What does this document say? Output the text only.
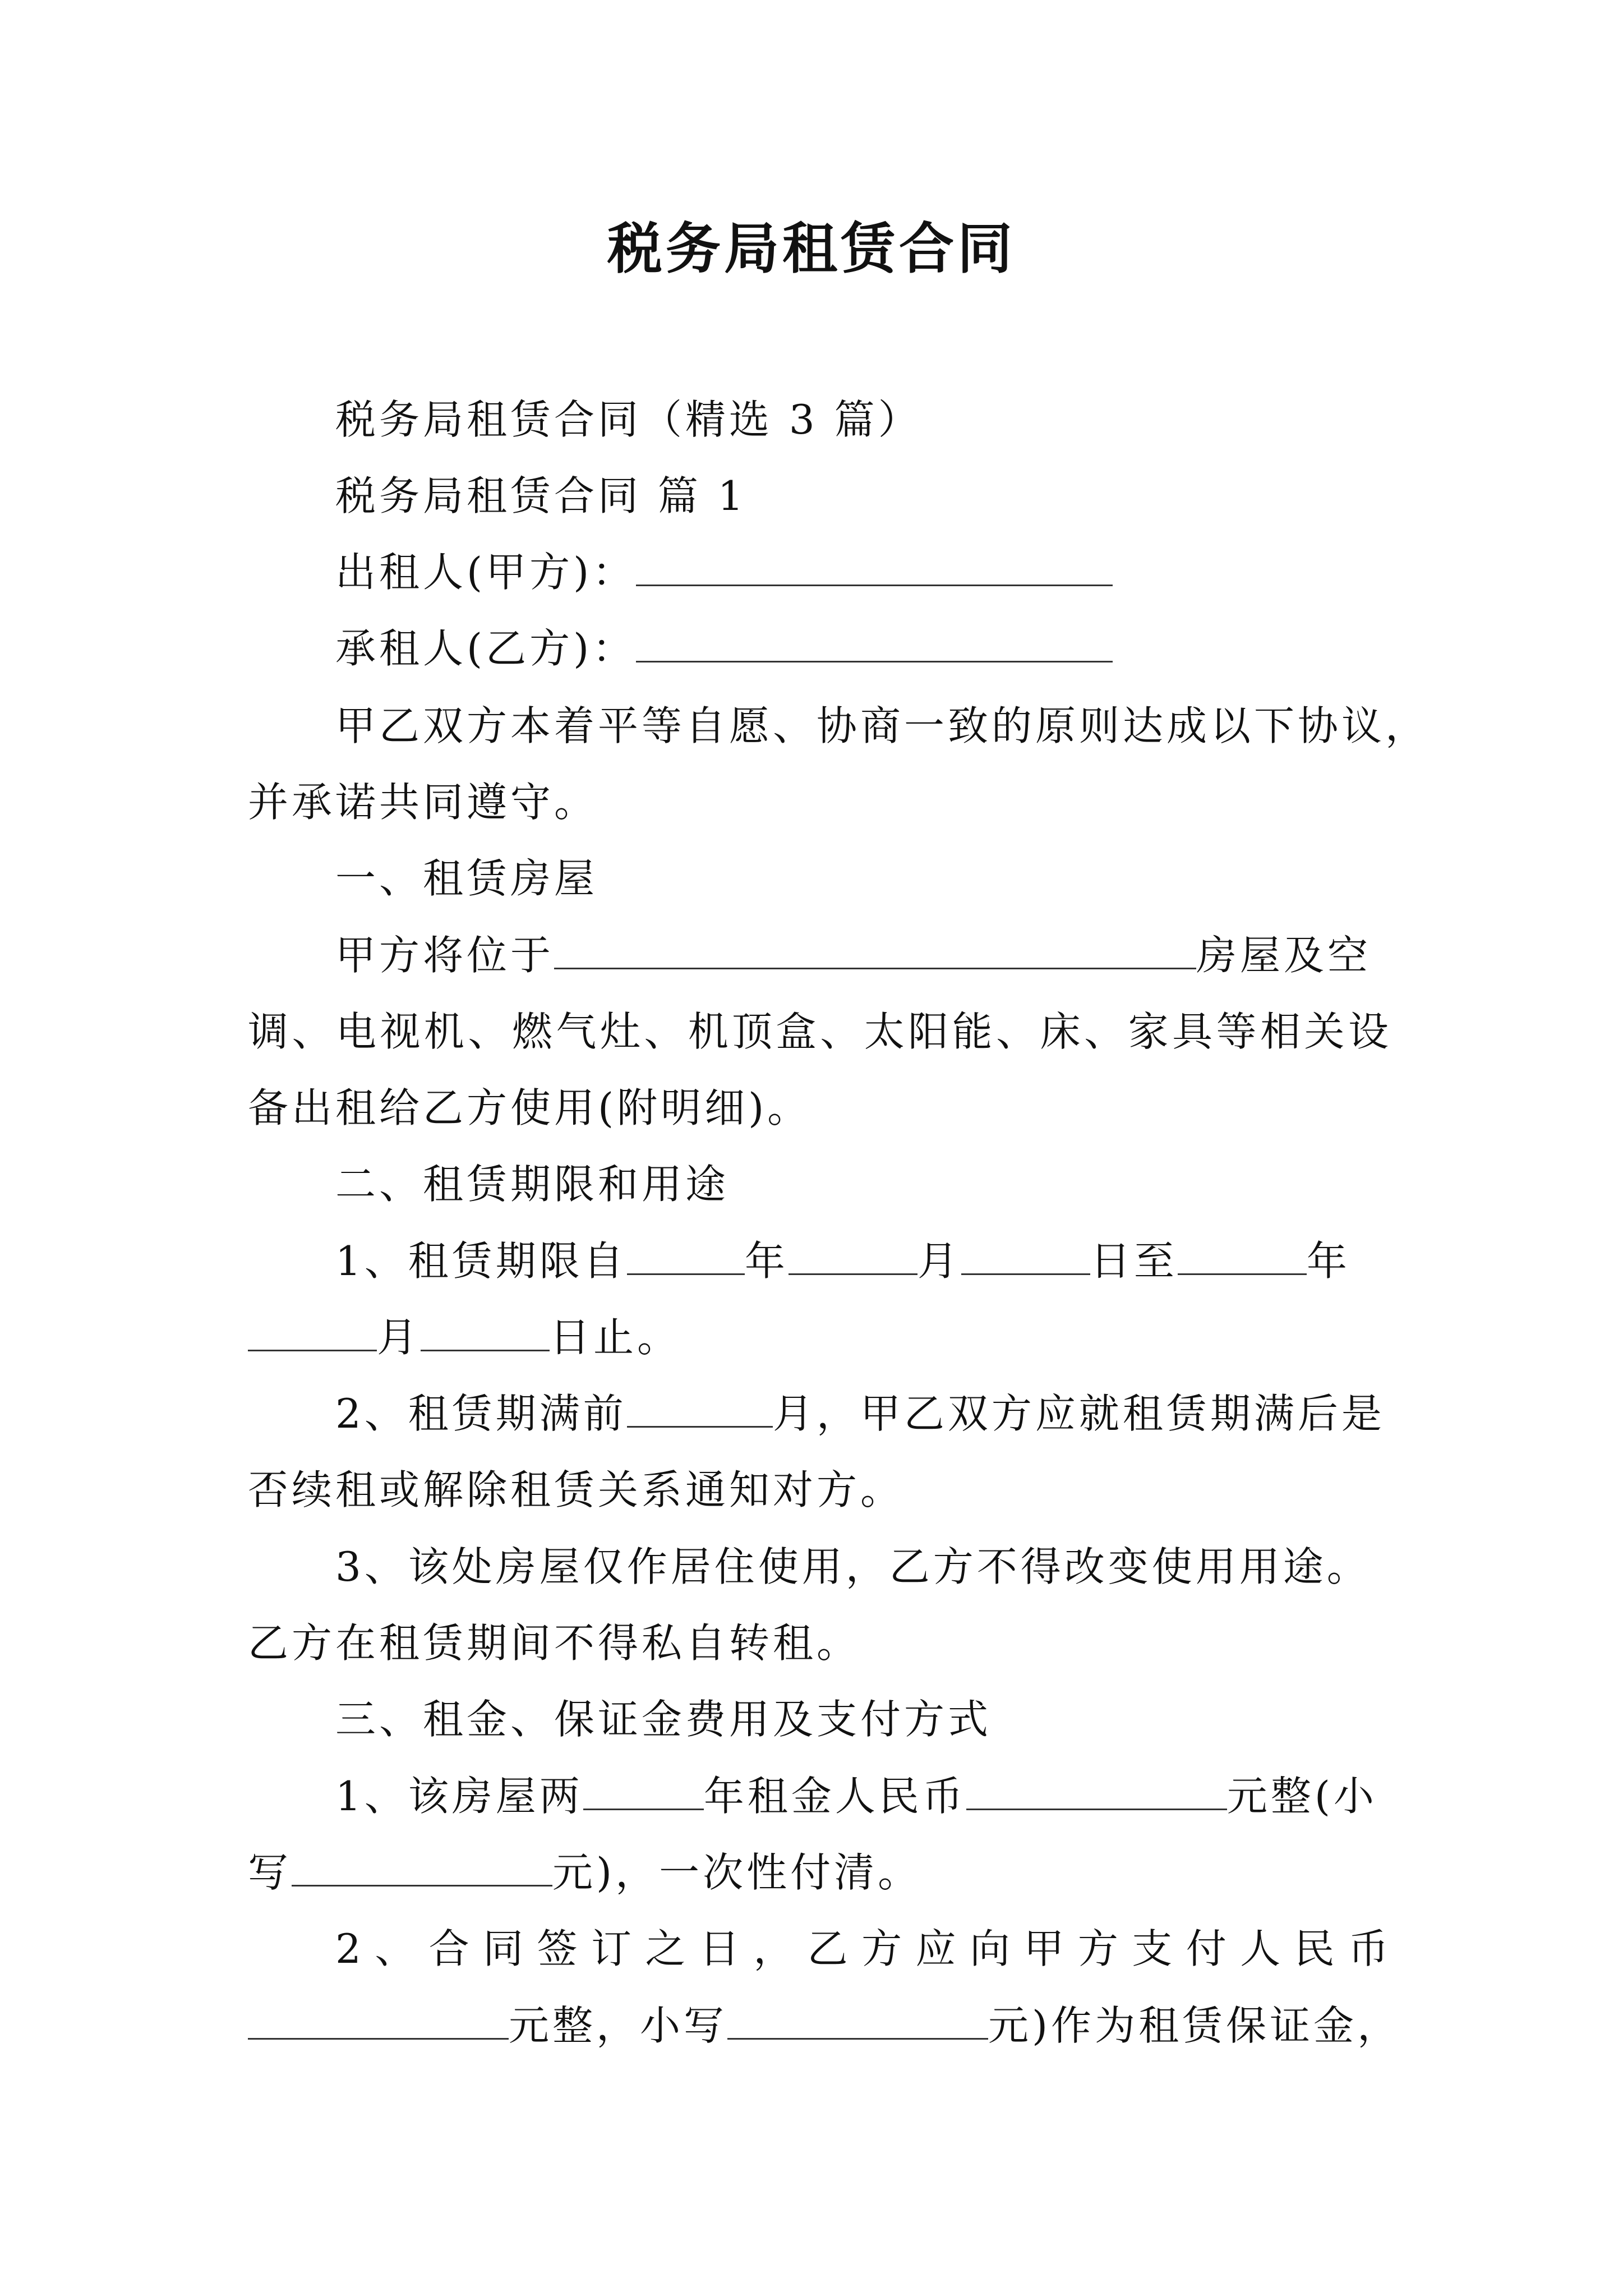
税务局租赁合同
税务局租赁合同（精选 3 篇）
税务局租赁合同 篇 1
出租人(甲方)：
承租人(乙方)：
甲乙双方本着平等自愿、协商一致的原则达成以下协议，
并承诺共同遵守。
一、租赁房屋
甲方将位于	房屋及空
调、电视机、燃气灶、机顶盒、太阳能、床、家具等相关设
备出租给乙方使用(附明细)。
二、租赁期限和用途
1、租赁期限自	年	月	日至	年
月	日止。
2、租赁期满前	月，甲乙双方应就租赁期满后是
否续租或解除租赁关系通知对方。
3、该处房屋仅作居住使用，乙方不得改变使用用途。
乙方在租赁期间不得私自转租。
三、租金、保证金费用及支付方式
1、该房屋两	年租金人民币	元整(小
写	元)，一次性付清。
2、合同签订之日，乙方应向甲方支付人民币
元整，小写	元)作为租赁保证金，
